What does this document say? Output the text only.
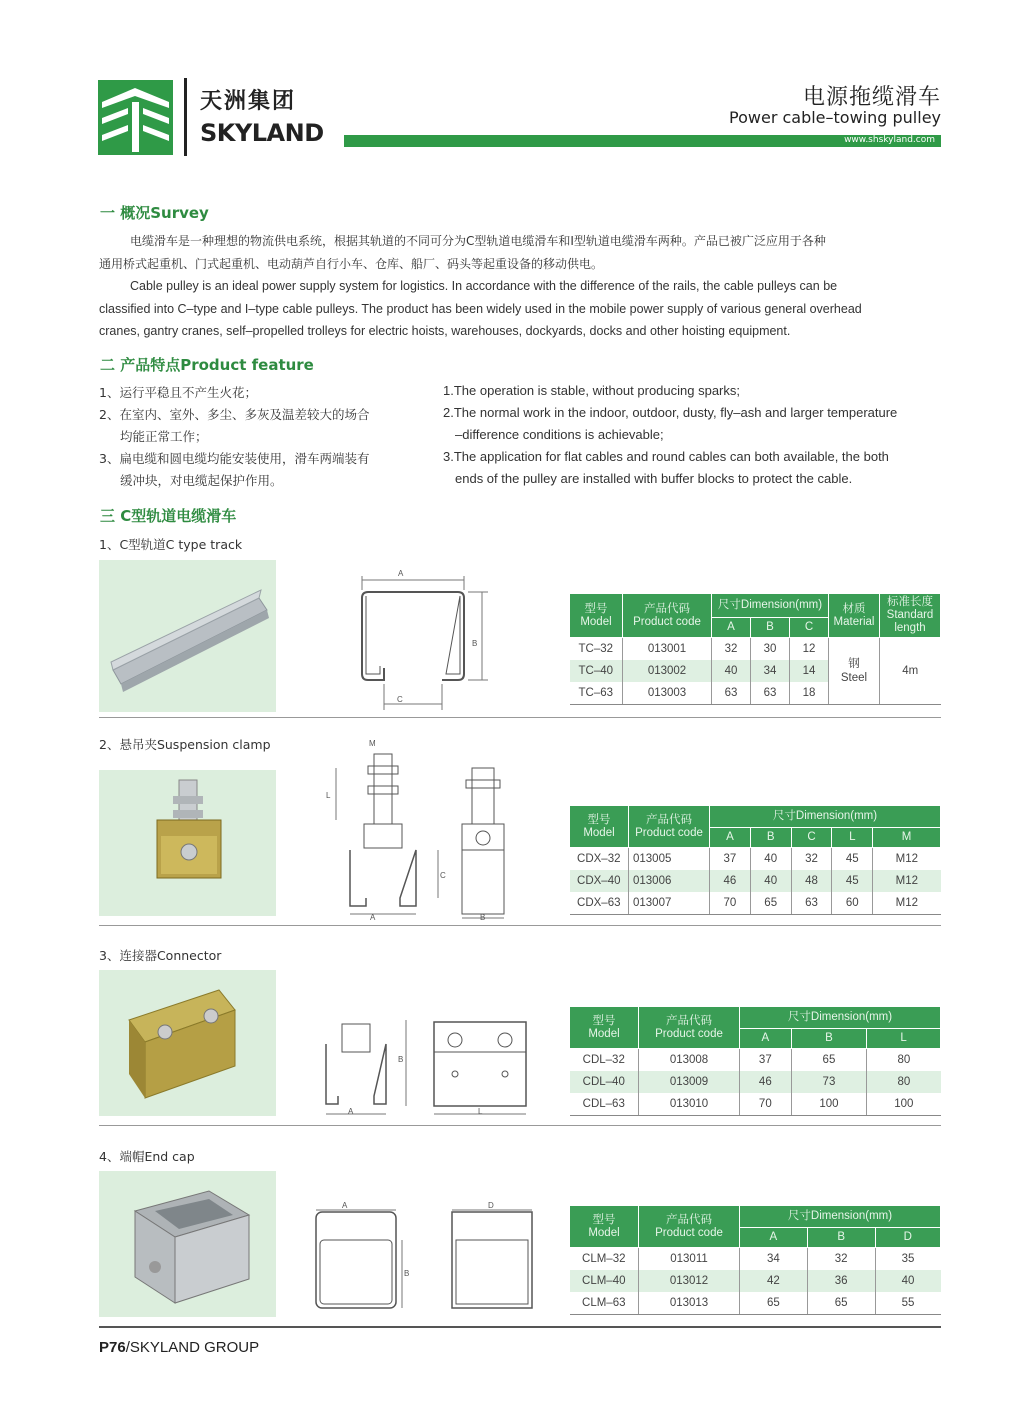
天洲集团
SKYLAND
电源拖缆滑车
Power cable–towing pulley
www.shskyland.com
一 概况Survey
电缆滑车是一种理想的物流供电系统，根据其轨道的不同可分为C型轨道电缆滑车和I型轨道电缆滑车两种。产品已被广泛应用于各种
通用桥式起重机、门式起重机、电动葫芦自行小车、仓库、船厂、码头等起重设备的移动供电。
Cable pulley is an ideal power supply system for logistics. In accordance with the difference of the rails, the cable pulleys can be
classified into C–type and I–type cable pulleys. The product has been widely used in the mobile power supply of various general overhead
cranes, gantry cranes, self–propelled trolleys for electric hoists, warehouses, dockyards, docks and other hoisting equipment.
二 产品特点Product feature
1、运行平稳且不产生火花；
2、在室内、室外、多尘、多灰及温差较大的场合
均能正常工作；
3、扁电缆和圆电缆均能安装使用，滑车两端装有
缓冲块，对电缆起保护作用。
1.The operation is stable, without producing sparks;
2.The normal work in the indoor, outdoor, dusty, fly–ash and larger temperature
–difference conditions is achievable;
3.The application for flat cables and round cables can both available, the both
ends of the pulley are installed with buffer blocks to protect the cable.
三 C型轨道电缆滑车
1、C型轨道C type track
A
B
C
型号
Model	产品代码
Product code	尺寸Dimension(mm)			材质
Material	标准长度
Standard
length
		A	B	C		
TC–32	013001	32	30	12	钢
Steel	4m
TC–40	013002	40	34	14		
TC–63	013003	63	63	18		
2、悬吊夹Suspension clamp	M
L
C
A	B
型号
Model	产品代码
Product code	尺寸Dimension(mm)				
		A	B	C	L	M
CDX–32	013005	37	40	32	45	M12
CDX–40	013006	46	40	48	45	M12
CDX–63	013007	70	65	63	60	M12
3、连接器Connector
B
A	L
型号
Model	产品代码
Product code	尺寸Dimension(mm)		
		A	B	L
CDL–32	013008	37	65	80
CDL–40	013009	46	73	80
CDL–63	013010	70	100	100
4、端帽End cap
A
B
D
型号
Model	产品代码
Product code	尺寸Dimension(mm)		
		A	B	D
CLM–32	013011	34	32	35
CLM–40	013012	42	36	40
CLM–63	013013	65	65	55
P76/SKYLAND GROUP
